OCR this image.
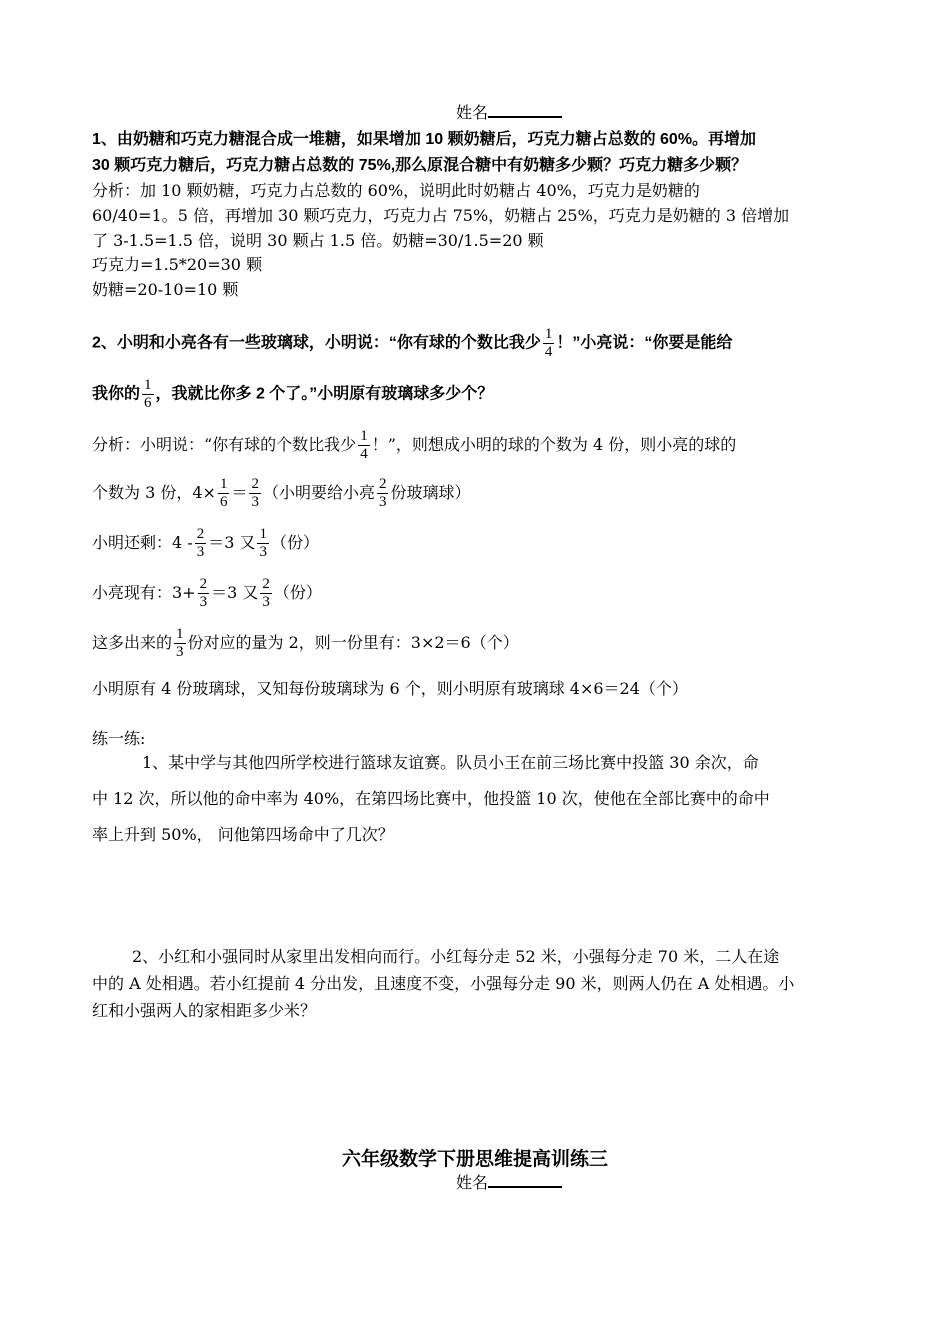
姓名
1、由奶糖和巧克力糖混合成一堆糖，如果增加 10 颗奶糖后，巧克力糖占总数的 60%。再增加
30 颗巧克力糖后，巧克力糖占总数的 75%,那么原混合糖中有奶糖多少颗？巧克力糖多少颗？
分析：加 10 颗奶糖，巧克力占总数的 60%，说明此时奶糖占 40%，巧克力是奶糖的
60/40=1。5 倍，再增加 30 颗巧克力，巧克力占 75%，奶糖占 25%，巧克力是奶糖的 3 倍增加
了 3-1.5=1.5 倍，说明 30 颗占 1.5 倍。奶糖=30/1.5=20 颗
巧克力=1.5*20=30 颗
奶糖=20-10=10 颗
2、小明和小亮各有一些玻璃球，小明说：“你有球的个数比我少 $\frac{1}{4}$ ！”小亮说：“你要是能给
我你的 $\frac{1}{6}$ ，我就比你多 2 个了。”小明原有玻璃球多少个？
分析：小明说：“你有球的个数比我少 $\frac{1}{4}$ ！”，则想成小明的球的个数为 4 份，则小亮的球的
个数为 3 份，$4\times \frac{1}{6} = \frac{2}{3}$ （小明要给小亮 $\frac{2}{3}$ 份玻璃球）
小明还剩：$4 - \frac{2}{3} =3$ 又 $\frac{1}{3}$ （份）
小亮现有：$3+ \frac{2}{3} =3$ 又 $\frac{2}{3}$ （份）
这多出来的 $\frac{1}{3}$ 份对应的量为 2，则一份里有：3×2＝6（个）
小明原有 4 份玻璃球，又知每份玻璃球为 6 个，则小明原有玻璃球 4×6＝24（个）
练一练:
1、某中学与其他四所学校进行篮球友谊赛。队员小王在前三场比赛中投篮 30 余次，命
中 12 次，所以他的命中率为 40%，在第四场比赛中，他投篮 10 次，使他在全部比赛中的命中
率上升到 50%， 问他第四场命中了几次？
2、小红和小强同时从家里出发相向而行。小红每分走 52 米，小强每分走 70 米，二人在途
中的 A 处相遇。若小红提前 4 分出发，且速度不变，小强每分走 90 米，则两人仍在 A 处相遇。小
红和小强两人的家相距多少米？
六年级数学下册思维提高训练三
姓名
